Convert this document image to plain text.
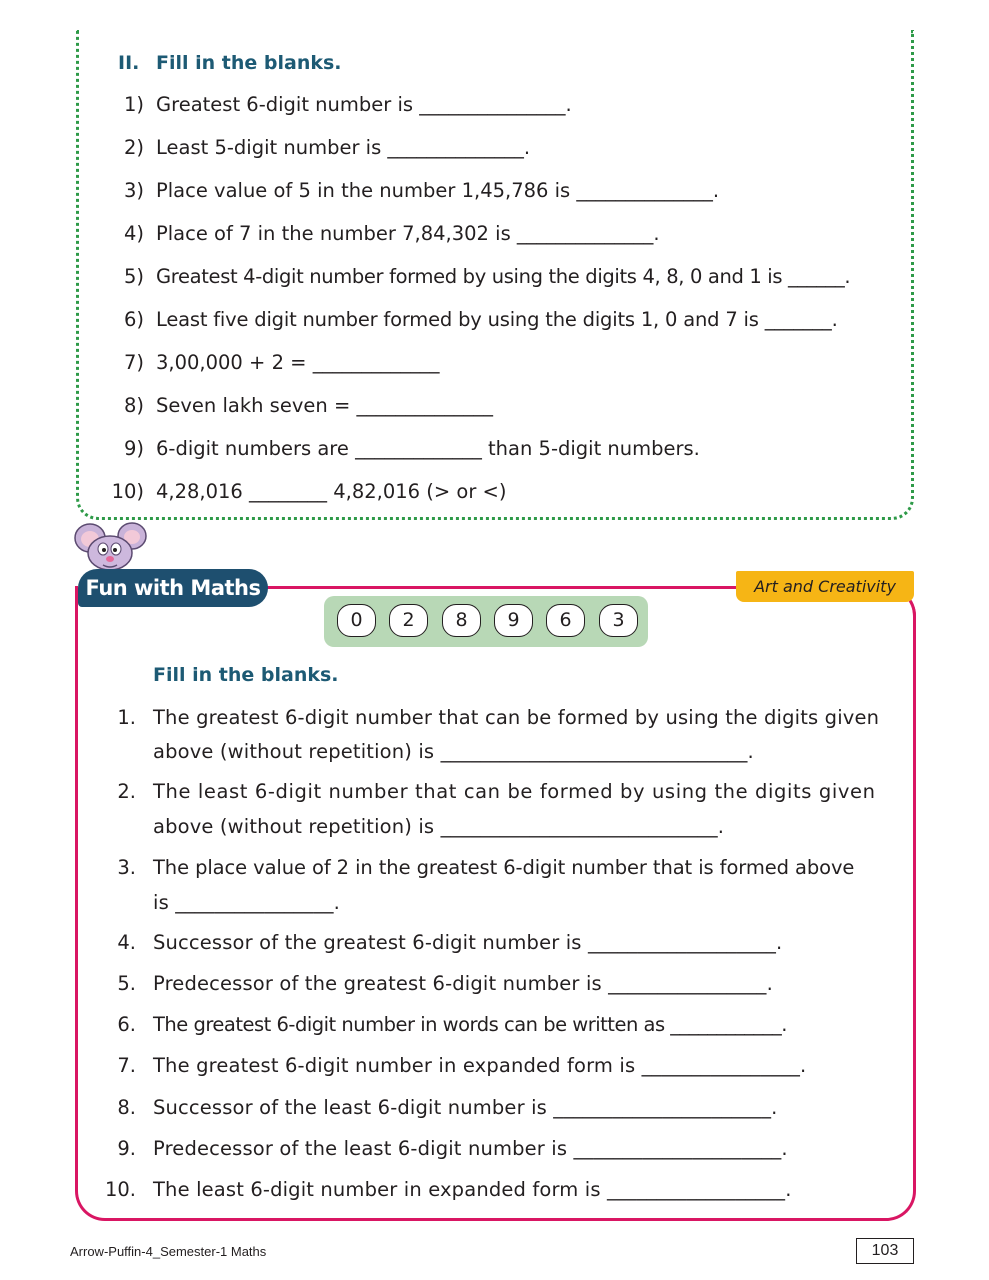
II. Fill in the blanks.
1) Greatest 6-digit number is _______________.
2) Least 5-digit number is ______________.
3) Place value of 5 in the number 1,45,786 is ______________.
4) Place of 7 in the number 7,84,302 is ______________.
5) Greatest 4-digit number formed by using the digits 4, 8, 0 and 1 is ______.
6) Least five digit number formed by using the digits 1, 0 and 7 is _______.
7) 3,00,000 + 2 = _____________
8) Seven lakh seven = ______________
9) 6-digit numbers are _____________ than 5-digit numbers.
10) 4,28,016 ________ 4,82,016 (> or <)
Fun with Maths	Art and Creativity
0	2	8	9	6	3
Fill in the blanks.
1. The greatest 6-digit number that can be formed by using the digits given
above (without repetition) is _______________________________.
2. The least 6-digit number that can be formed by using the digits given
above (without repetition) is ____________________________.
3. The place value of 2 in the greatest 6-digit number that is formed above
is ________________.
4. Successor of the greatest 6-digit number is ___________________.
5. Predecessor of the greatest 6-digit number is ________________.
6. The greatest 6-digit number in words can be written as ____________.
7. The greatest 6-digit number in expanded form is ________________.
8. Successor of the least 6-digit number is ______________________.
9. Predecessor of the least 6-digit number is _____________________.
10. The least 6-digit number in expanded form is __________________.
Arrow-Puffin-4_Semester-1 Maths	103
